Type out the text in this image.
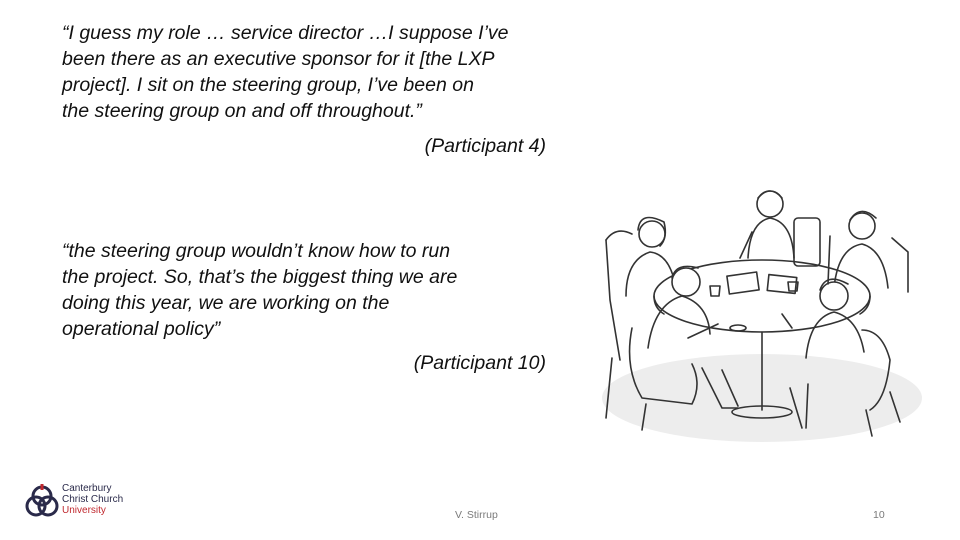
“I guess my role … service director …I suppose I’ve
been there as an executive sponsor for it [the LXP
project]. I sit on the steering group, I’ve been on
the steering group on and off throughout.”
(Participant 4)
“the steering group wouldn’t know how to run
the project. So, that’s the biggest thing we are
doing this year, we are working on the
operational policy”
(Participant 10)
Canterbury
Christ Church
University	V. Stirrup	10
